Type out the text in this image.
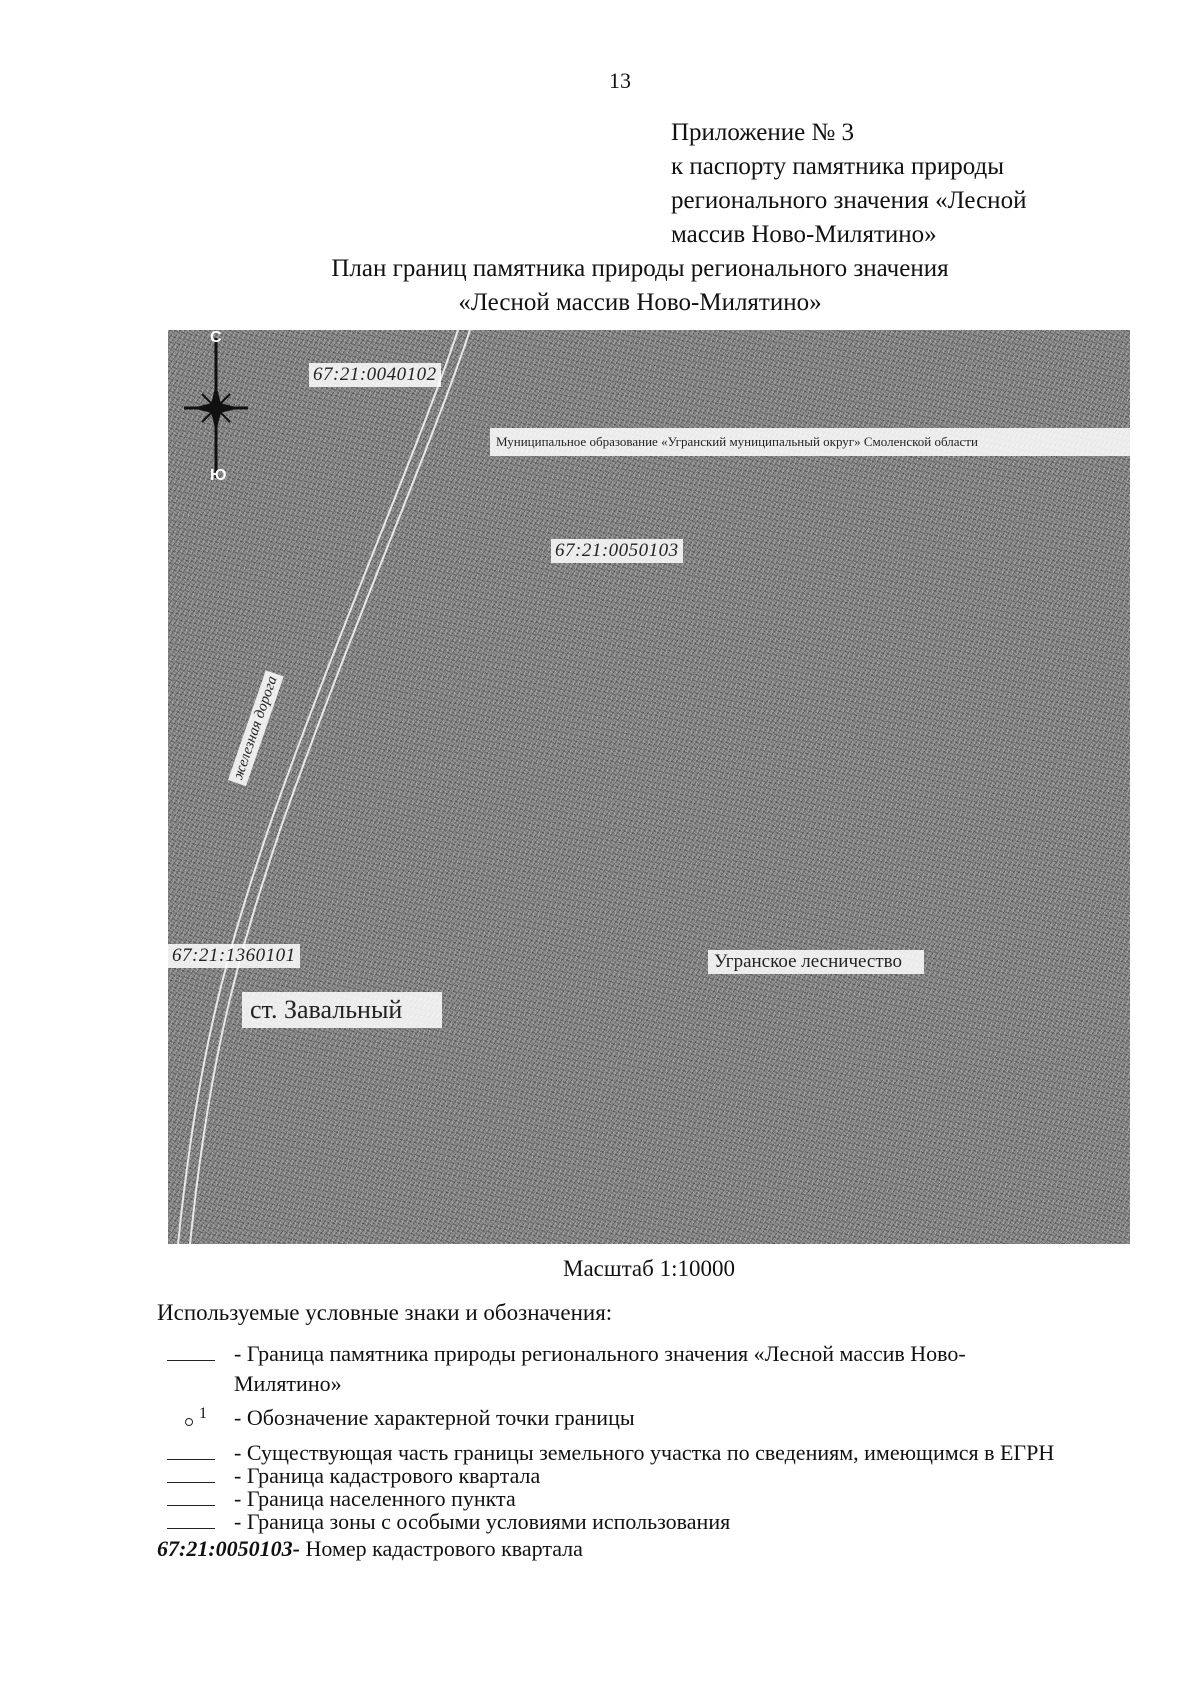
13
Приложение № 3
к паспорту памятника природы
регионального значения «Лесной
массив Ново-Милятино»
План границ памятника природы регионального значения
«Лесной массив Ново-Милятино»
С
Ю
67:21:0040102
Муниципальное образование «Угранский муниципальный округ» Смоленской области
67:21:0050103
железная дорога
67:21:1360101
ст. Завальный
Угранское лесничество
Масштаб 1:10000
Используемые условные знаки и обозначения:
- Граница памятника природы регионального значения «Лесной массив Ново-
Милятино»
1 - Обозначение характерной точки границы
- Существующая часть границы земельного участка по сведениям, имеющимся в ЕГРН
- Граница кадастрового квартала
- Граница населенного пункта
- Граница зоны с особыми условиями использования
67:21:0050103- Номер кадастрового квартала
